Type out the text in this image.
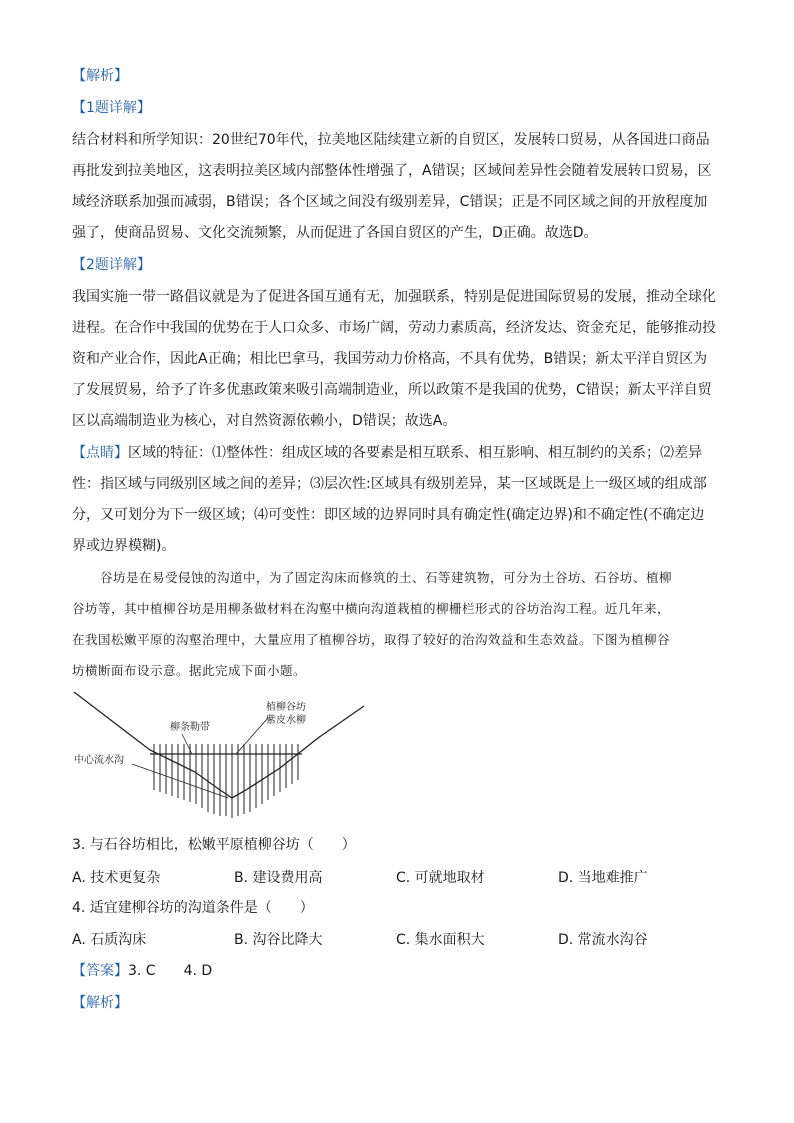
【解析】
【1题详解】
结合材料和所学知识：20世纪70年代，拉美地区陆续建立新的自贸区，发展转口贸易，从各国进口商品
再批发到拉美地区，这表明拉美区域内部整体性增强了，A错误；区域间差异性会随着发展转口贸易，区
域经济联系加强而减弱，B错误；各个区域之间没有级别差异，C错误；正是不同区域之间的开放程度加
强了，使商品贸易、文化交流频繁，从而促进了各国自贸区的产生，D正确。故选D。
【2题详解】
我国实施一带一路倡议就是为了促进各国互通有无，加强联系，特别是促进国际贸易的发展，推动全球化
进程。在合作中我国的优势在于人口众多、市场广阔，劳动力素质高，经济发达、资金充足，能够推动投
资和产业合作，因此A正确；相比巴拿马，我国劳动力价格高，不具有优势，B错误；新太平洋自贸区为
了发展贸易，给予了许多优惠政策来吸引高端制造业，所以政策不是我国的优势，C错误；新太平洋自贸
区以高端制造业为核心，对自然资源依赖小，D错误；故选A。
【点睛】区域的特征：⑴整体性：组成区域的各要素是相互联系、相互影响、相互制约的关系；⑵差异
性：指区域与同级别区域之间的差异；⑶层次性:区域具有级别差异，某一区域既是上一级区域的组成部
分，又可划分为下一级区域；⑷可变性：即区域的边界同时具有确定性(确定边界)和不确定性(不确定边
界或边界模糊)。
谷坊是在易受侵蚀的沟道中，为了固定沟床而修筑的土、石等建筑物，可分为土谷坊、石谷坊、植柳
谷坊等，其中植柳谷坊是用柳条做材料在沟壑中横向沟道栽植的柳栅栏形式的谷坊治沟工程。近几年来，
在我国松嫩平原的沟壑治理中，大量应用了植柳谷坊，取得了较好的治沟效益和生态效益。下图为植柳谷
坊横断面布设示意。据此完成下面小题。
柳条勒带
植柳谷坊
紫皮水柳
中心流水沟
3. 与石谷坊相比，松嫩平原植柳谷坊（　　）
A. 技术更复杂	B. 建设费用高	C. 可就地取材	D. 当地难推广
4. 适宜建柳谷坊的沟道条件是（　　）
A. 石质沟床	B. 沟谷比降大	C. 集水面积大	D. 常流水沟谷
【答案】3. C　　4. D
【解析】
